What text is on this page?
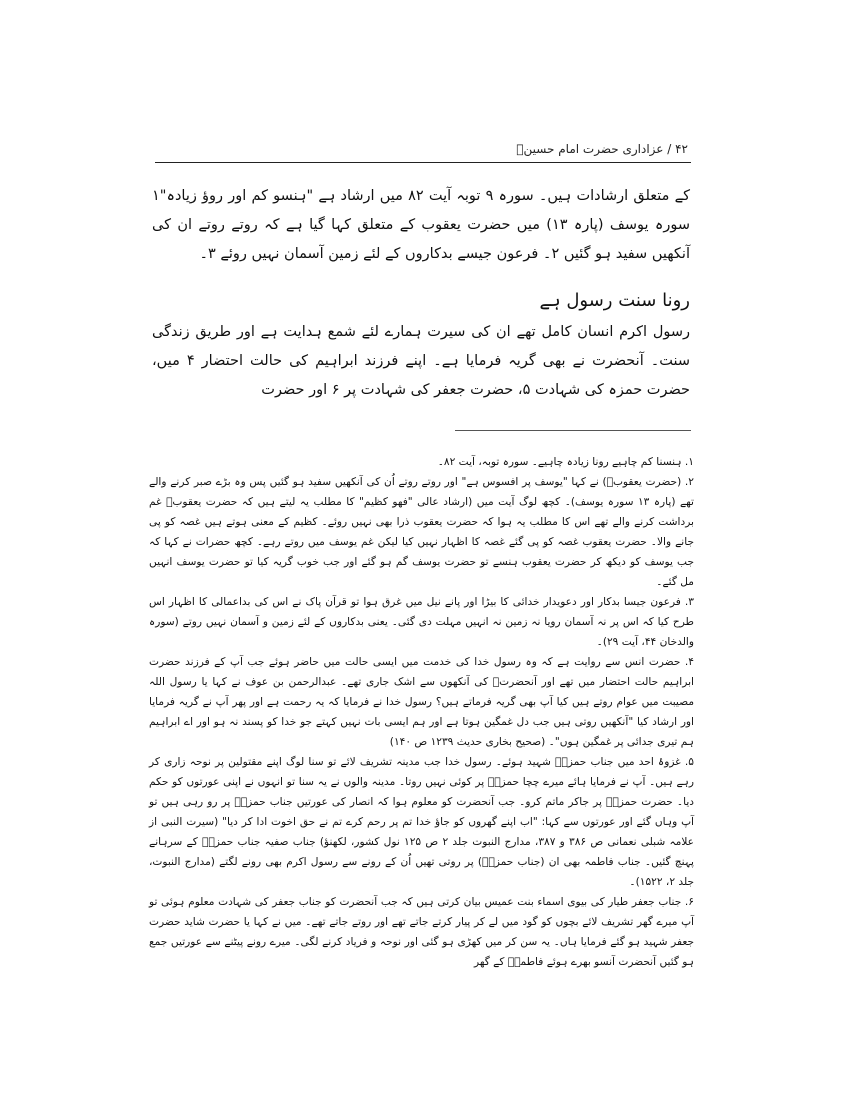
۴۲ / عزاداری حضرت امام حسینؑ

کے متعلق ارشادات ہیں۔ سورہ ۹ توبہ آیت ۸۲ میں ارشاد ہے "ہنسو کم اور روؤ زیادہ"۱ سورہ یوسف (پارہ ۱۳) میں حضرت یعقوب کے متعلق کہا گیا ہے کہ روتے روتے ان کی آنکھیں سفید ہو گئیں ۲۔ فرعون جیسے بدکاروں کے لئے زمین آسمان نہیں روئے ۳۔

رونا سنت رسول ہے

رسول اکرم انسان کامل تھے ان کی سیرت ہمارے لئے شمع ہدایت ہے اور طریق زندگی سنت۔ آنحضرت نے بھی گریہ فرمایا ہے۔ اپنے فرزند ابراہیم کی حالت احتضار ۴ میں، حضرت حمزہ کی شہادت ۵، حضرت جعفر کی شہادت پر ۶ اور حضرت

۱. ہنسنا کم چاہیے رونا زیادہ چاہیے۔ سورہ توبہ، آیت ۸۲۔

۲. (حضرت یعقوبؑ) نے کہا "یوسف پر افسوس ہے" اور روتے روتے اُن کی آنکھیں سفید ہو گئیں پس وہ بڑے صبر کرنے والے تھے (پارہ ۱۳ سورہ یوسف)۔ کچھ لوگ آیت میں (ارشاد عالی "فھو کظیم" کا مطلب یہ لیتے ہیں کہ حضرت یعقوبؑ غم برداشت کرنے والے تھے اس کا مطلب یہ ہوا کہ حضرت یعقوب ذرا بھی نہیں روئے۔ کظیم کے معنی ہوتے ہیں غصہ کو پی جانے والا۔ حضرت یعقوب غصہ کو پی گئے غصہ کا اظہار نہیں کیا لیکن غم یوسف میں روتے رہے۔ کچھ حضرات نے کہا کہ جب یوسف کو دیکھ کر حضرت یعقوب ہنسے تو حضرت یوسف گم ہو گئے اور جب خوب گریہ کیا تو حضرت یوسف انہیں مل گئے۔

۳. فرعون جیسا بدکار اور دعویدار خدائی کا بیڑا اور پانے نیل میں غرق ہوا تو قرآن پاک نے اس کی بداعمالی کا اظہار اس طرح کیا کہ اس پر نہ آسمان رویا نہ زمین نہ انہیں مہلت دی گئی۔ یعنی بدکاروں کے لئے زمین و آسمان نہیں روتے (سورہ والدخان ۴۴، آیت ۲۹)۔

۴. حضرت انس سے روایت ہے کہ وہ رسول خدا کی خدمت میں ایسی حالت میں حاضر ہوئے جب آپ کے فرزند حضرت ابراہیم حالت احتضار میں تھے اور آنحضرتؐ کی آنکھوں سے اشک جاری تھے۔ عبدالرحمن بن عوف نے کہا یا رسول اللہ مصیبت میں عوام روتے ہیں کیا آپ بھی گریہ فرماتے ہیں؟ رسول خدا نے فرمایا کہ یہ رحمت ہے اور پھر آپ نے گریہ فرمایا اور ارشاد کیا "آنکھیں روتی ہیں جب دل غمگین ہوتا ہے اور ہم ایسی بات نہیں کہتے جو خدا کو پسند نہ ہو اور اے ابراہیم ہم تیری جدائی پر غمگین ہوں"۔ (صحیح بخاری حدیث ۱۲۳۹ ص ۱۴۰)

۵. غزوۂ احد میں جناب حمزہؓ شہید ہوئے۔ رسول خدا جب مدینہ تشریف لائے تو سنا لوگ اپنے مقتولین پر نوحہ زاری کر رہے ہیں۔ آپ نے فرمایا ہائے میرے چچا حمزہؓ پر کوئی نہیں روتا۔ مدینہ والوں نے یہ سنا تو انہوں نے اپنی عورتوں کو حکم دیا۔ حضرت حمزہؓ پر جاکر ماتم کرو۔ جب آنحضرت کو معلوم ہوا کہ انصار کی عورتیں جناب حمزہؓ پر رو رہی ہیں تو آپ وہاں گئے اور عورتوں سے کہا: "اب اپنے گھروں کو جاؤ خدا تم پر رحم کرے تم نے حق اخوت ادا کر دیا" (سیرت النبی از علامہ شبلی نعمانی ص ۳۸۶ و ۳۸۷، مدارج النبوت جلد ۲ ص ۱۲۵ نول کشور، لکھنؤ) جناب صفیہ جناب حمزہؓ کے سرہانے پہنچ گئیں۔ جناب فاطمہ بھی ان (جناب حمزہؓ) پر روتی تھیں اُن کے رونے سے رسول اکرم بھی رونے لگتے (مدارج النبوت، جلد ۲، ۱۵۲۲)۔

۶. جناب جعفر طیار کی بیوی اسماء بنت عمیس بیان کرتی ہیں کہ جب آنحضرت کو جناب جعفر کی شہادت معلوم ہوئی تو آپ میرے گھر تشریف لائے بچوں کو گود میں لے کر پیار کرتے جاتے تھے اور روتے جاتے تھے۔ میں نے کہا یا حضرت شاید حضرت جعفر شہید ہو گئے فرمایا ہاں۔ یہ سن کر میں کھڑی ہو گئی اور نوحہ و فریاد کرنے لگی۔ میرے رونے پیٹنے سے عورتیں جمع ہو گئیں آنحضرت آنسو بھرے ہوئے فاطمہؑ کے گھر
